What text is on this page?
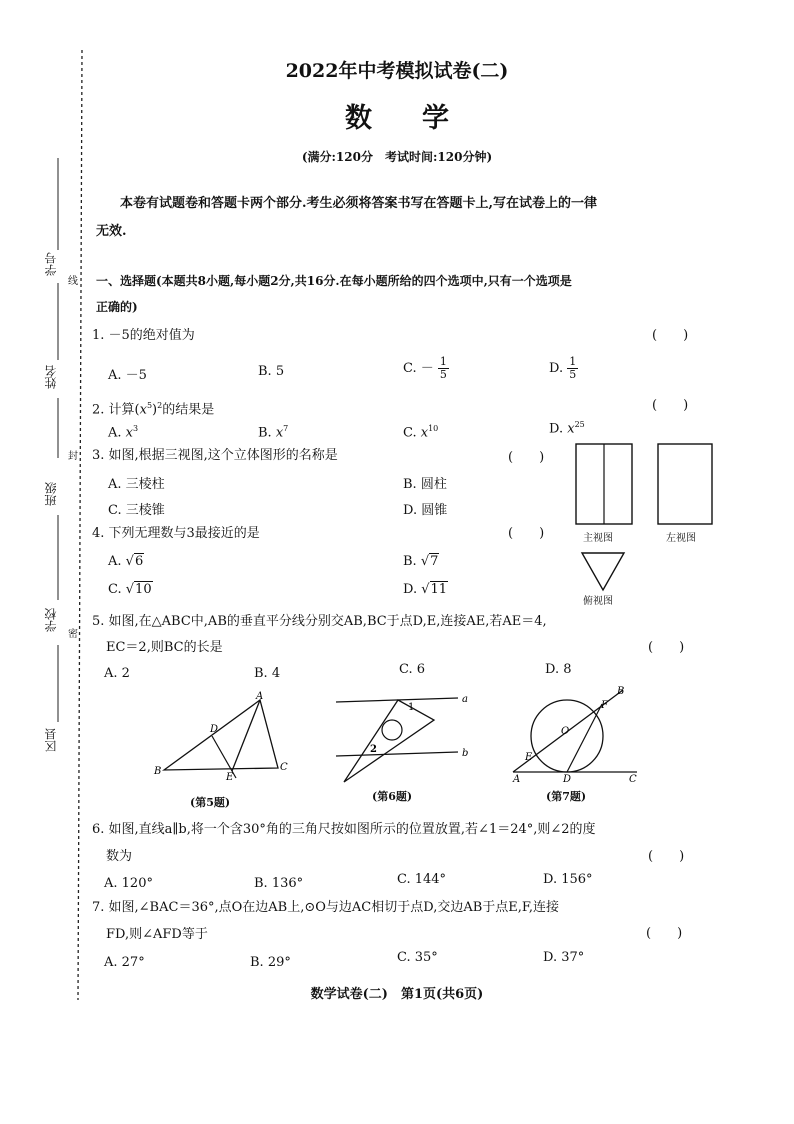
2022年中考模拟试卷(二)
数学
(满分:120分　考试时间:120分钟)
学号
姓名
班级
学校
区县
线
封
密
本卷有试题卷和答题卡两个部分.考生必须将答案书写在答题卡上,写在试卷上的一律
无效.
一、选择题(本题共8小题,每小题2分,共16分.在每小题所给的四个选项中,只有一个选项是
正确的)
1. －5的绝对值为	(　　)
A. －5	B. 5	C. － $\frac{1}{5}$	D. $\frac{1}{5}$
2. 计算$(x^5)^2$的结果是	(　　)
A. $x^3$	B. $x^7$	C. $x^{10}$	D. $x^{25}$
3. 如图,根据三视图,这个立体图形的名称是	(　　)
A. 三棱柱	B. 圆柱
C. 三棱锥	D. 圆锥
主视图	左视图
俯视图
4. 下列无理数与3最接近的是	(　　)
A. √6	B. √7
C. √10	D. √11
5. 如图,在△ABC中,AB的垂直平分线分别交AB,BC于点D,E,连接AE,若AE＝4,
EC＝2,则BC的长是	(　　)
A. 2	B. 4	C. 6	D. 8
A
B	C
D
E
(第5题)
a
b
1
2
(第6题)
A
B
C
D
E
F
O
(第7题)
6. 如图,直线a∥b,将一个含30°角的三角尺按如图所示的位置放置,若∠1＝24°,则∠2的度
数为	(　　)
A. 120°	B. 136°	C. 144°	D. 156°
7. 如图,∠BAC＝36°,点O在边AB上,⊙O与边AC相切于点D,交边AB于点E,F,连接
FD,则∠AFD等于	(　　)
A. 27°	B. 29°	C. 35°	D. 37°
数学试卷(二)　第1页(共6页)
